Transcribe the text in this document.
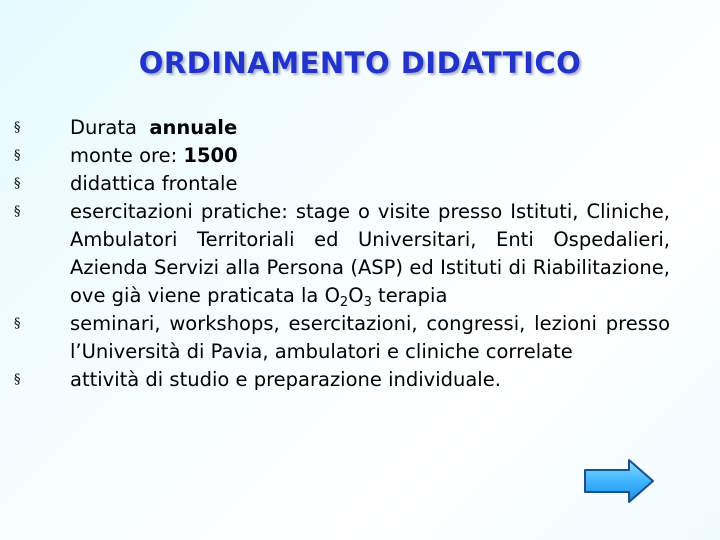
ORDINAMENTO DIDATTICO
§	Durata annuale
§	monte ore: 1500
§	didattica frontale
§	esercitazioni pratiche: stage o visite presso Istituti, Cliniche, Ambulatori Territoriali ed Universitari, Enti Ospedalieri, Azienda Servizi alla Persona (ASP) ed Istituti di Riabilitazione, ove già viene praticata la $O_2O_3$ terapia
§	seminari, workshops, esercitazioni, congressi, lezioni presso l’Università di Pavia, ambulatori e cliniche correlate
§	attività di studio e preparazione individuale.
